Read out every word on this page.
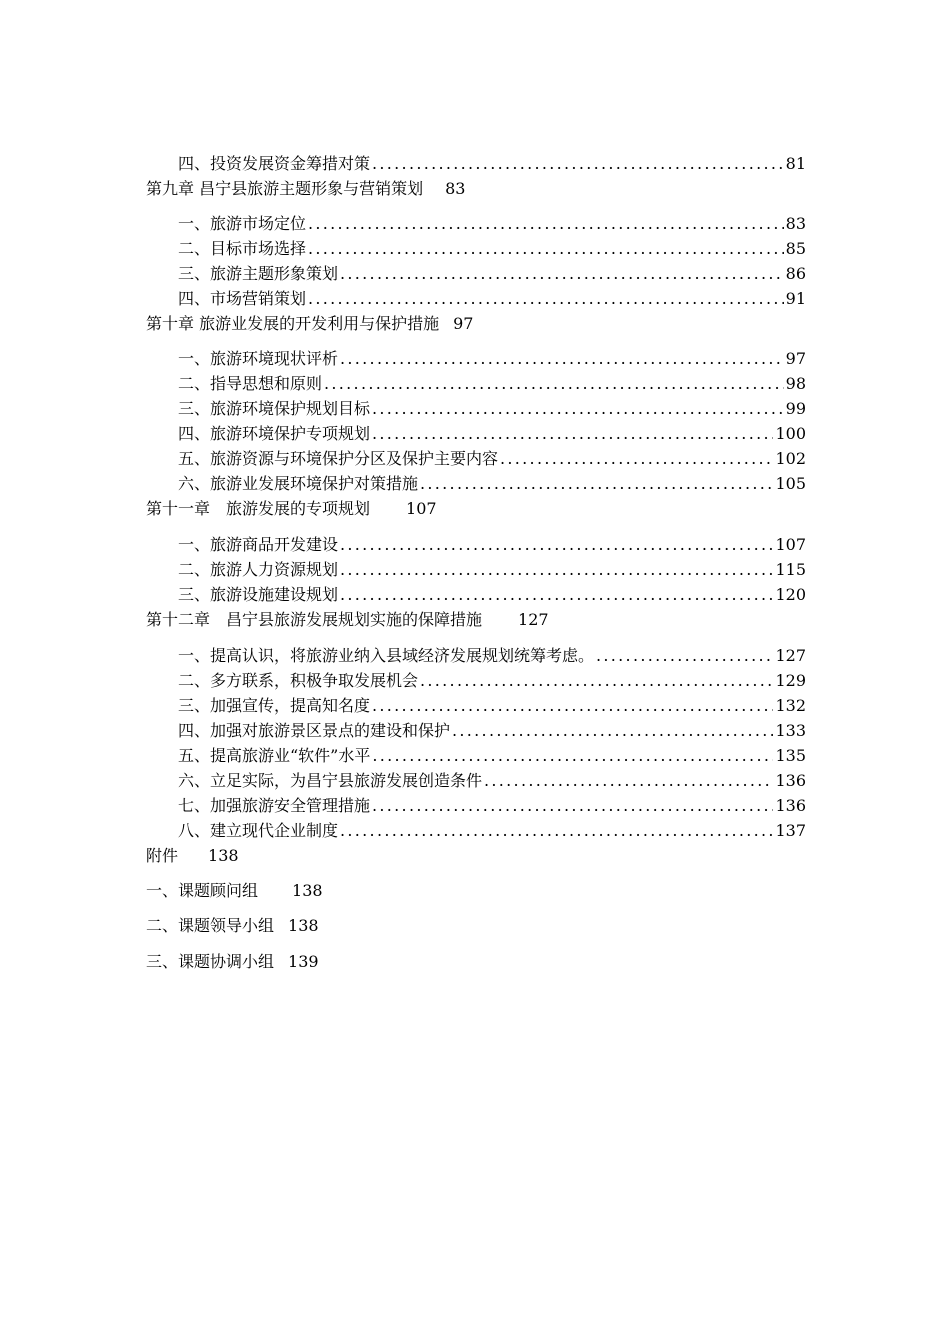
四、投资发展资金筹措对策 .....	81
第九章 昌宁县旅游主题形象与营销策划 83
一、旅游市场定位 .....	83
二、目标市场选择 .....	85
三、旅游主题形象策划 .....	86
四、市场营销策划 .....	91
第十章 旅游业发展的开发利用与保护措施 97
一、旅游环境现状评析 .....	97
二、指导思想和原则 .....	98
三、旅游环境保护规划目标 .....	99
四、旅游环境保护专项规划 .....	100
五、旅游资源与环境保护分区及保护主要内容 .....	102
六、旅游业发展环境保护对策措施 .....	105
第十一章　旅游发展的专项规划 107
一、旅游商品开发建设 .....	107
二、旅游人力资源规划 .....	115
三、旅游设施建设规划 .....	120
第十二章　昌宁县旅游发展规划实施的保障措施 127
一、提高认识，将旅游业纳入县域经济发展规划统筹考虑。 .....	127
二、多方联系，积极争取发展机会 .....	129
三、加强宣传，提高知名度 .....	132
四、加强对旅游景区景点的建设和保护 .....	133
五、提高旅游业“软件”水平 .....	135
六、立足实际，为昌宁县旅游发展创造条件 .....	136
七、加强旅游安全管理措施 .....	136
八、建立现代企业制度 .....	137
附件 138
一、课题顾问组 138
二、课题领导小组 138
三、课题协调小组 139
